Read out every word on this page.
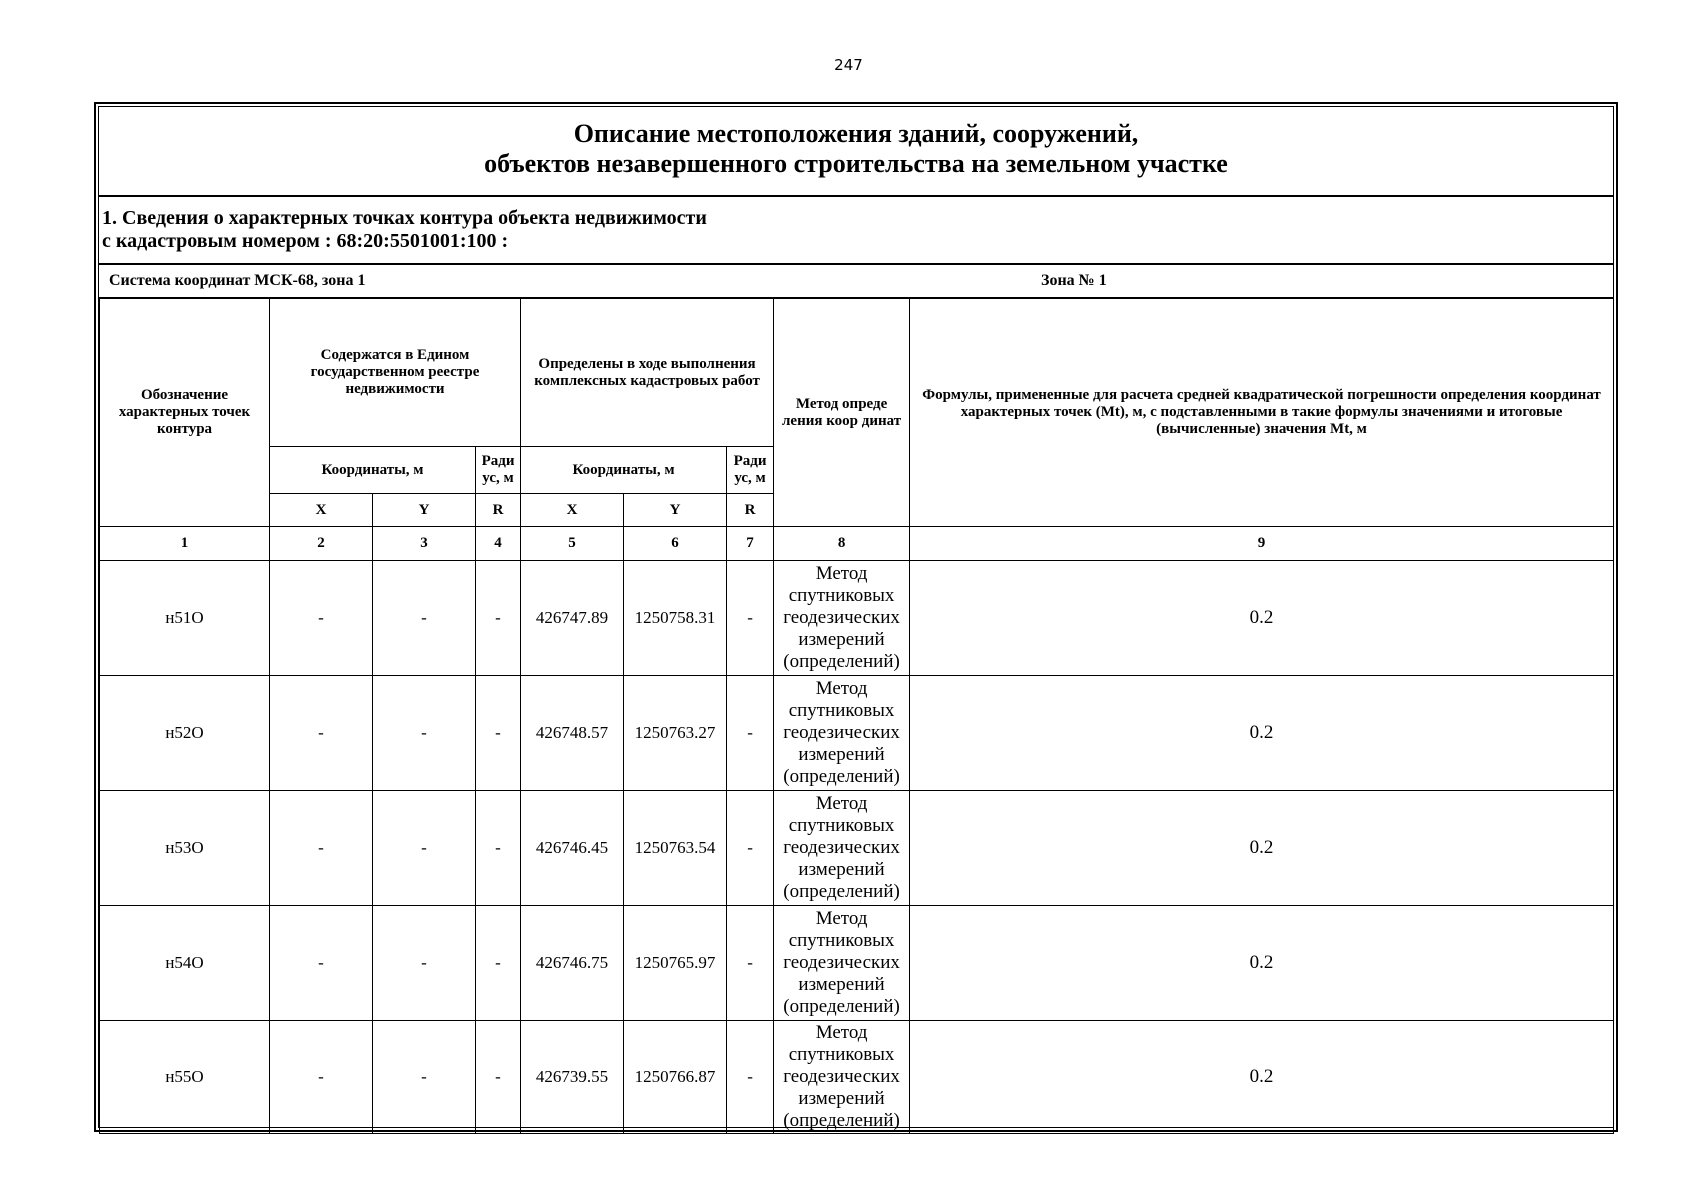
247
Описание местоположения зданий, сооружений,
объектов незавершенного строительства на земельном участке
1. Сведения о характерных точках контура объекта недвижимости
с кадастровым номером : 68:20:5501001:100 :
Система координат МСК-68, зона 1	Зона № 1
Обозначение характерных точек контура	Содержатся в Едином государственном реестре недвижимости			Определены в ходе выполнения комплексных кадастровых работ			Метод опреде ления коор динат	Формулы, примененные для расчета средней квадратической погрешности определения координат характерных точек (Mt), м, с подставленными в такие формулы значениями и итоговые (вычисленные) значения Mt, м
	Координаты, м		Ради ус, м	Координаты, м		Ради ус, м		
	X	Y	R	X	Y	R		
1	2	3	4	5	6	7	8	9
н51О	-	-	-	426747.89	1250758.31	-	Метод спутниковых геодезических измерений (определений)	0.2
н52О	-	-	-	426748.57	1250763.27	-	Метод спутниковых геодезических измерений (определений)	0.2
н53О	-	-	-	426746.45	1250763.54	-	Метод спутниковых геодезических измерений (определений)	0.2
н54О	-	-	-	426746.75	1250765.97	-	Метод спутниковых геодезических измерений (определений)	0.2
н55О	-	-	-	426739.55	1250766.87	-	Метод спутниковых геодезических измерений (определений)	0.2
